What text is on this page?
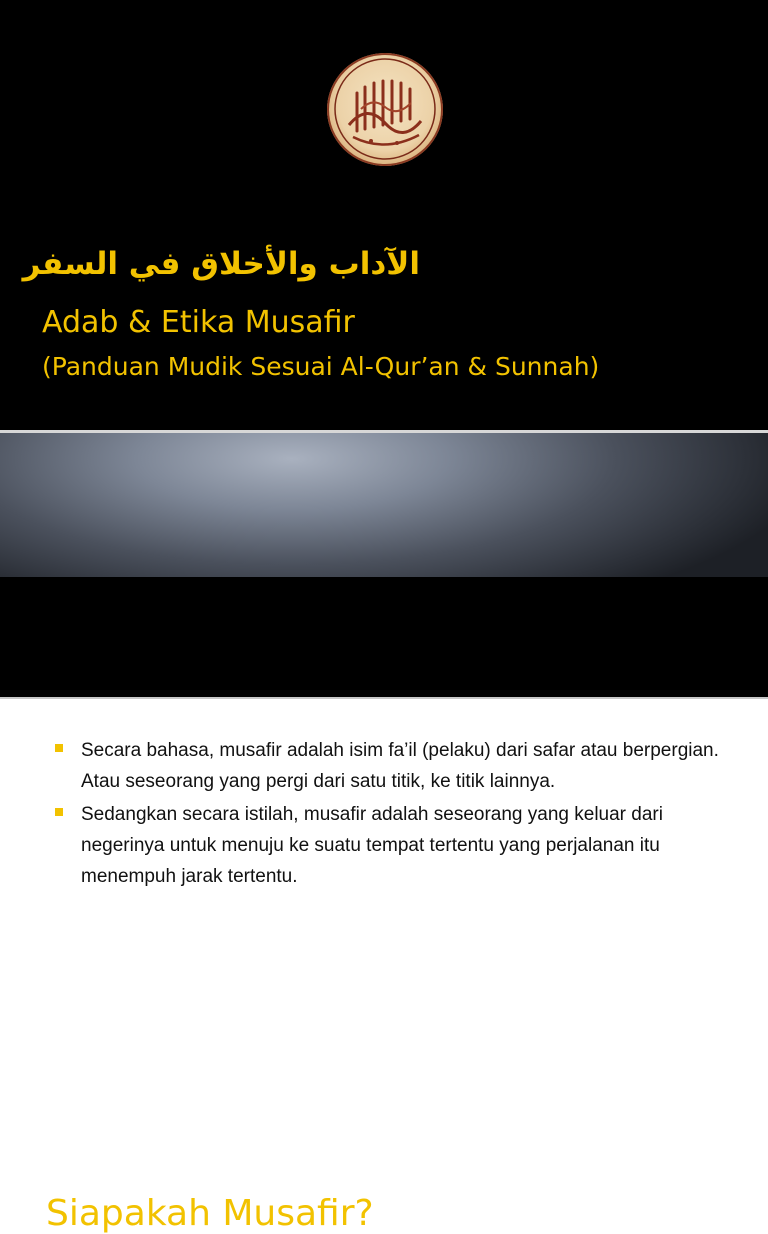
الآداب والأخلاق في السفر
Adab & Etika Musafir
(Panduan Mudik Sesuai Al-Qur’an & Sunnah)
By. Rikza Maulan, Lc., M.Ag
Siapakah Musafir?
Secara bahasa, musafir adalah isim fa’il (pelaku) dari safar atau berpergian. Atau seseorang yang pergi dari satu titik, ke titik lainnya.
Sedangkan secara istilah, musafir adalah seseorang yang keluar dari negerinya untuk menuju ke suatu tempat tertentu yang perjalanan itu menempuh jarak tertentu.
